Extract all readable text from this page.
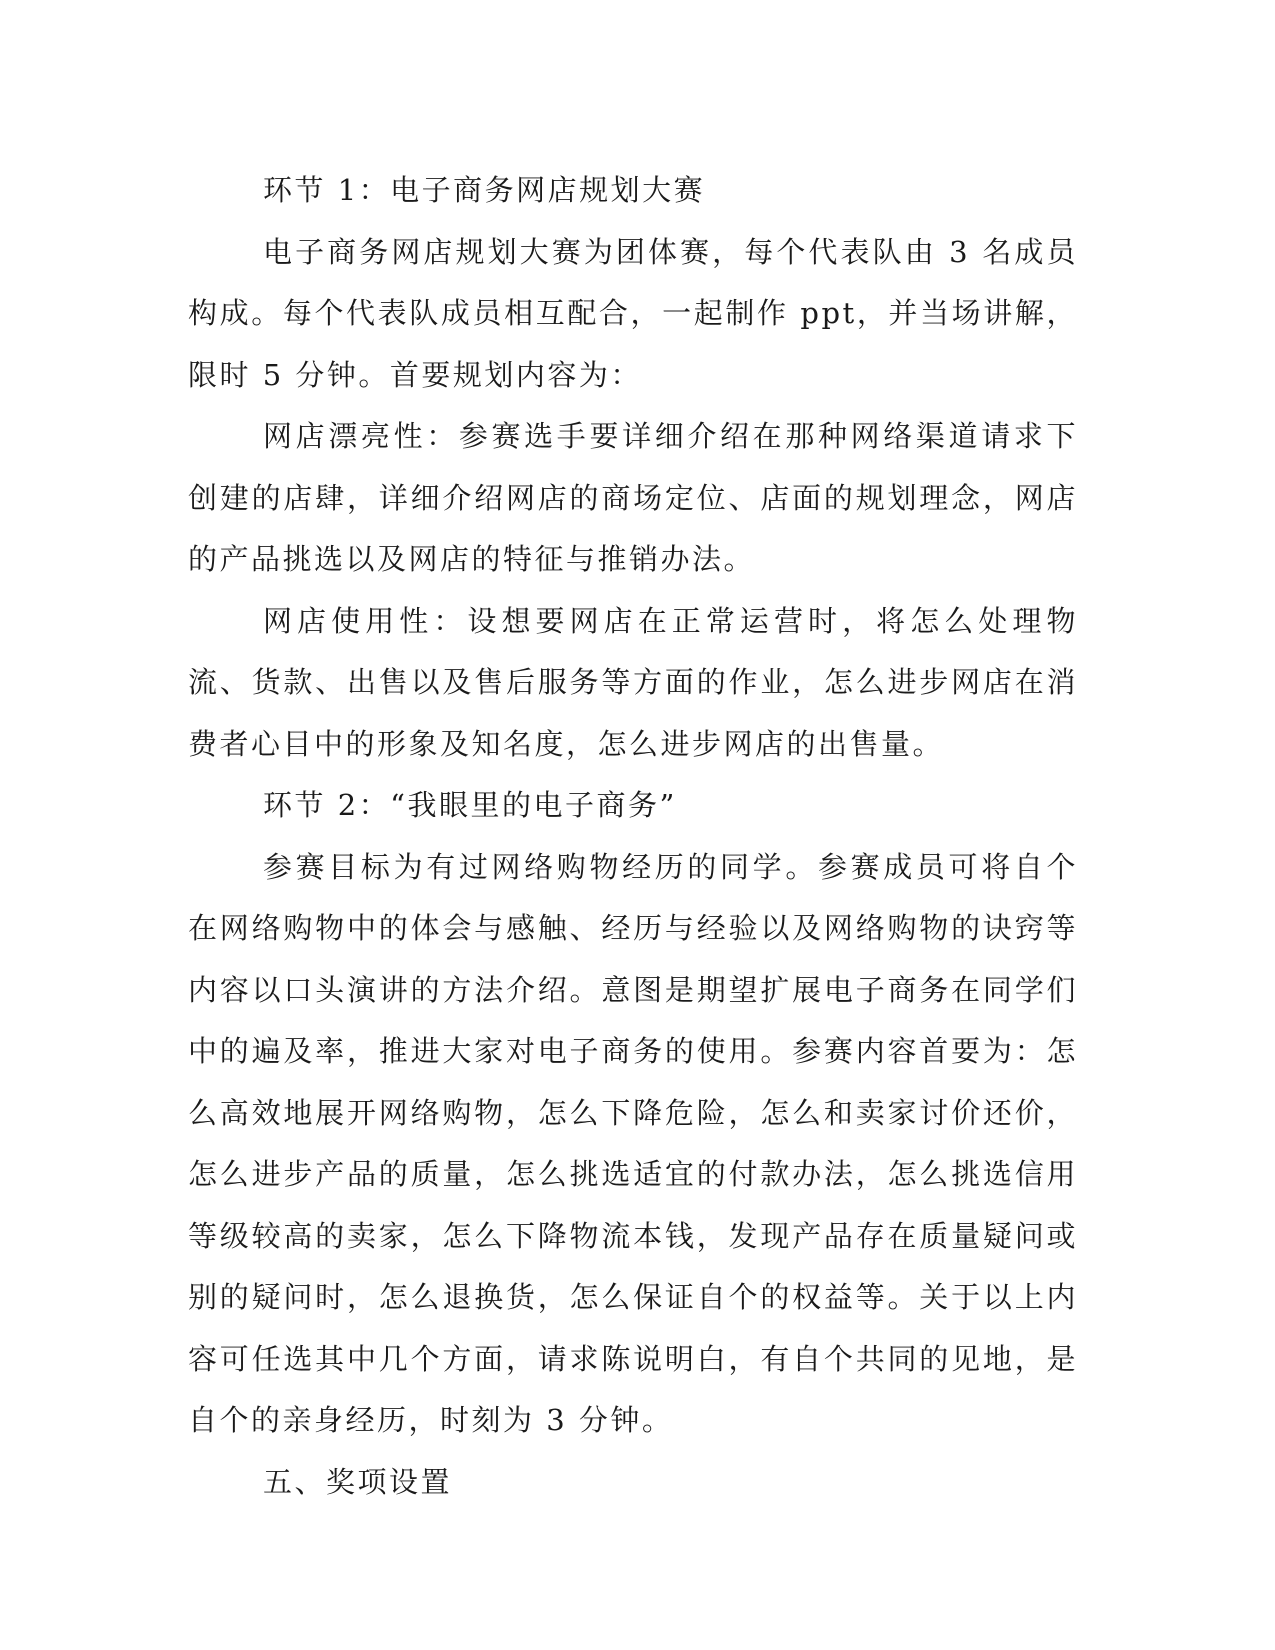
环节 1：电子商务网店规划大赛

电子商务网店规划大赛为团体赛，每个代表队由 3 名成员构成。每个代表队成员相互配合，一起制作 ppt，并当场讲解，限时 5 分钟。首要规划内容为：

网店漂亮性：参赛选手要详细介绍在那种网络渠道请求下创建的店肆，详细介绍网店的商场定位、店面的规划理念，网店的产品挑选以及网店的特征与推销办法。

网店使用性：设想要网店在正常运营时，将怎么处理物流、货款、出售以及售后服务等方面的作业，怎么进步网店在消费者心目中的形象及知名度，怎么进步网店的出售量。

环节 2：“我眼里的电子商务”

参赛目标为有过网络购物经历的同学。参赛成员可将自个在网络购物中的体会与感触、经历与经验以及网络购物的诀窍等内容以口头演讲的方法介绍。意图是期望扩展电子商务在同学们中的遍及率，推进大家对电子商务的使用。参赛内容首要为：怎么高效地展开网络购物，怎么下降危险，怎么和卖家讨价还价，怎么进步产品的质量，怎么挑选适宜的付款办法，怎么挑选信用等级较高的卖家，怎么下降物流本钱，发现产品存在质量疑问或别的疑问时，怎么退换货，怎么保证自个的权益等。关于以上内容可任选其中几个方面，请求陈说明白，有自个共同的见地，是自个的亲身经历，时刻为 3 分钟。

五、奖项设置
